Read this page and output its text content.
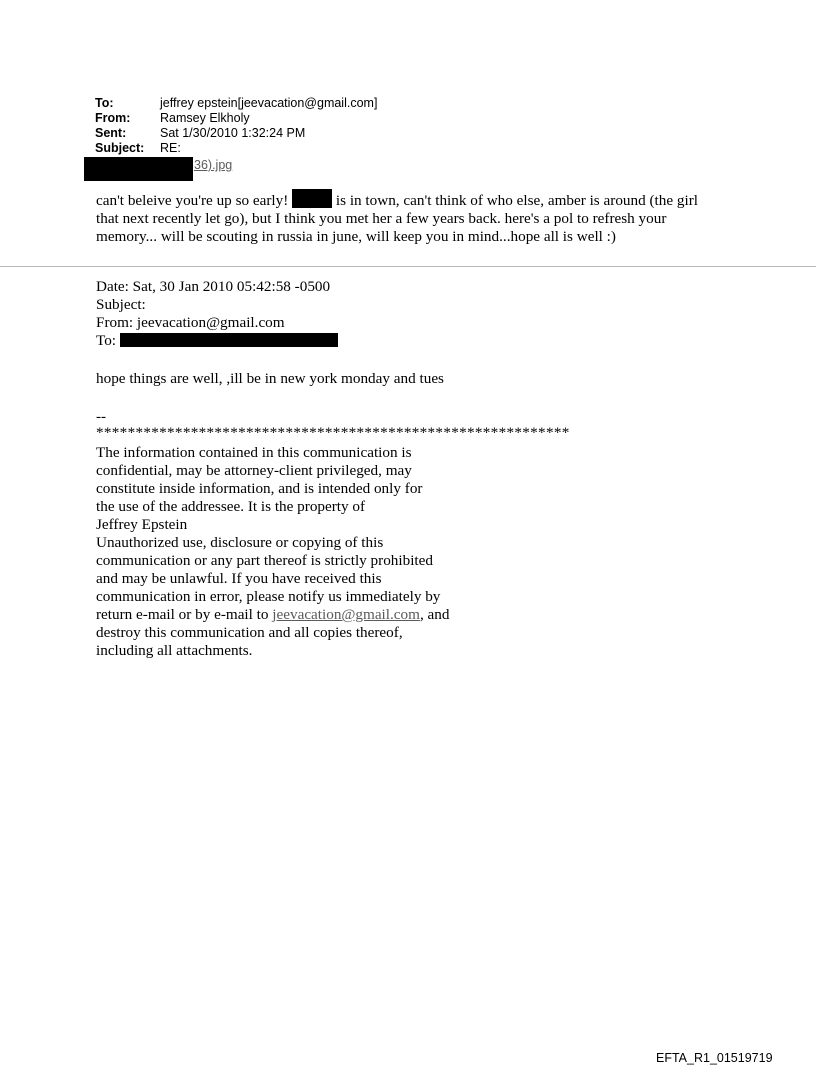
To:	jeffrey epstein[jeevacation@gmail.com]
From:	Ramsey Elkholy
Sent:	Sat 1/30/2010 1:32:24 PM
Subject:	RE:
36).jpg
can't beleive you're up so early!	is in town, can't think of who else, amber is around (the girl
that next recently let go), but I think you met her a few years back. here's a pol to refresh your
memory... will be scouting in russia in june, will keep you in mind...hope all is well :)
Date: Sat, 30 Jan 2010 05:42:58 -0500
Subject:
From: jeevacation@gmail.com
To:
hope things are well, ,ill be in new york monday and tues
--
************************************************************
The information contained in this communication is
confidential, may be attorney-client privileged, may
constitute inside information, and is intended only for
the use of the addressee. It is the property of
Jeffrey Epstein
Unauthorized use, disclosure or copying of this
communication or any part thereof is strictly prohibited
and may be unlawful. If you have received this
communication in error, please notify us immediately by
return e-mail or by e-mail to jeevacation@gmail.com, and
destroy this communication and all copies thereof,
including all attachments.
EFTA_R1_01519719
